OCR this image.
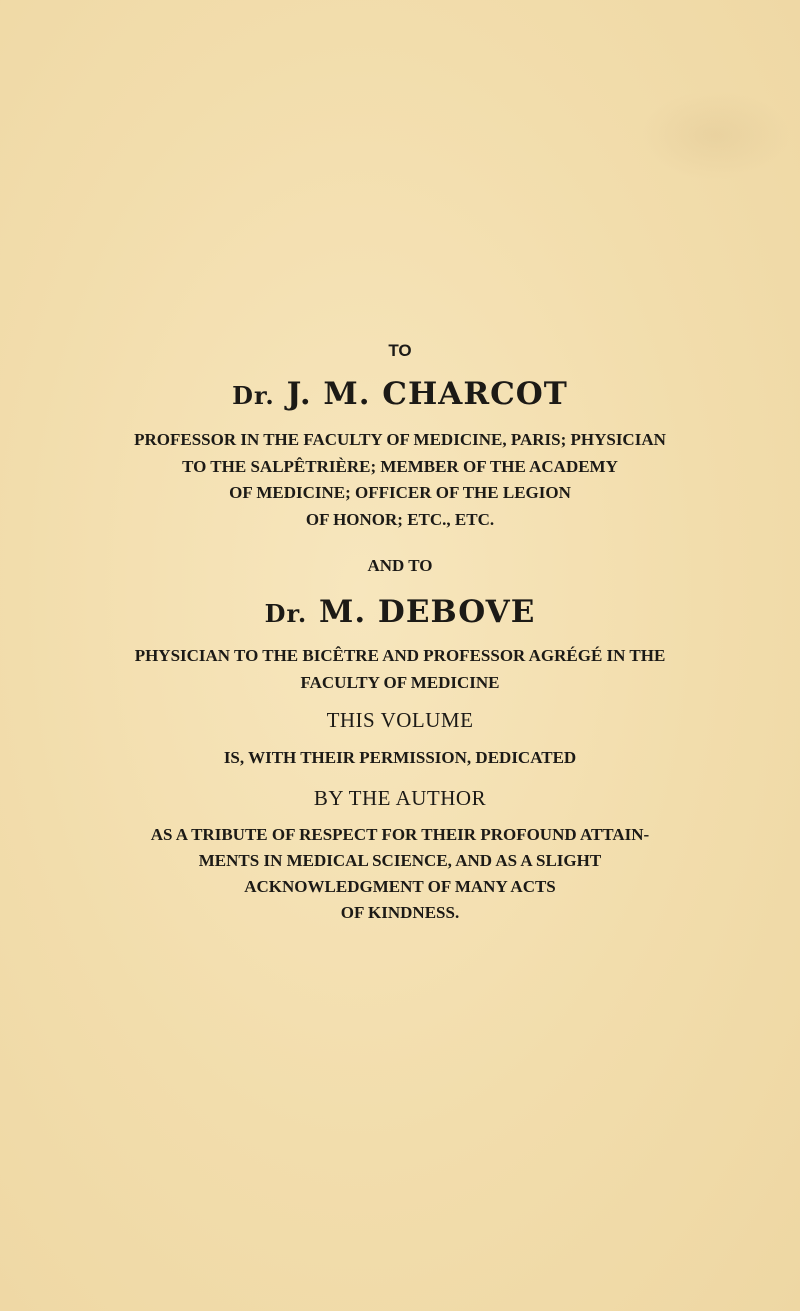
TO
Dr. J. M. CHARCOT
PROFESSOR IN THE FACULTY OF MEDICINE, PARIS; PHYSICIAN
TO THE SALPÊTRIÈRE; MEMBER OF THE ACADEMY
OF MEDICINE; OFFICER OF THE LEGION
OF HONOR; ETC., ETC.
AND TO
Dr. M. DEBOVE
PHYSICIAN TO THE BICÊTRE AND PROFESSOR AGRÉGÉ IN THE
FACULTY OF MEDICINE
THIS VOLUME
IS, WITH THEIR PERMISSION, DEDICATED
BY THE AUTHOR
AS A TRIBUTE OF RESPECT FOR THEIR PROFOUND ATTAIN-
MENTS IN MEDICAL SCIENCE, AND AS A SLIGHT
ACKNOWLEDGMENT OF MANY ACTS
OF KINDNESS.
